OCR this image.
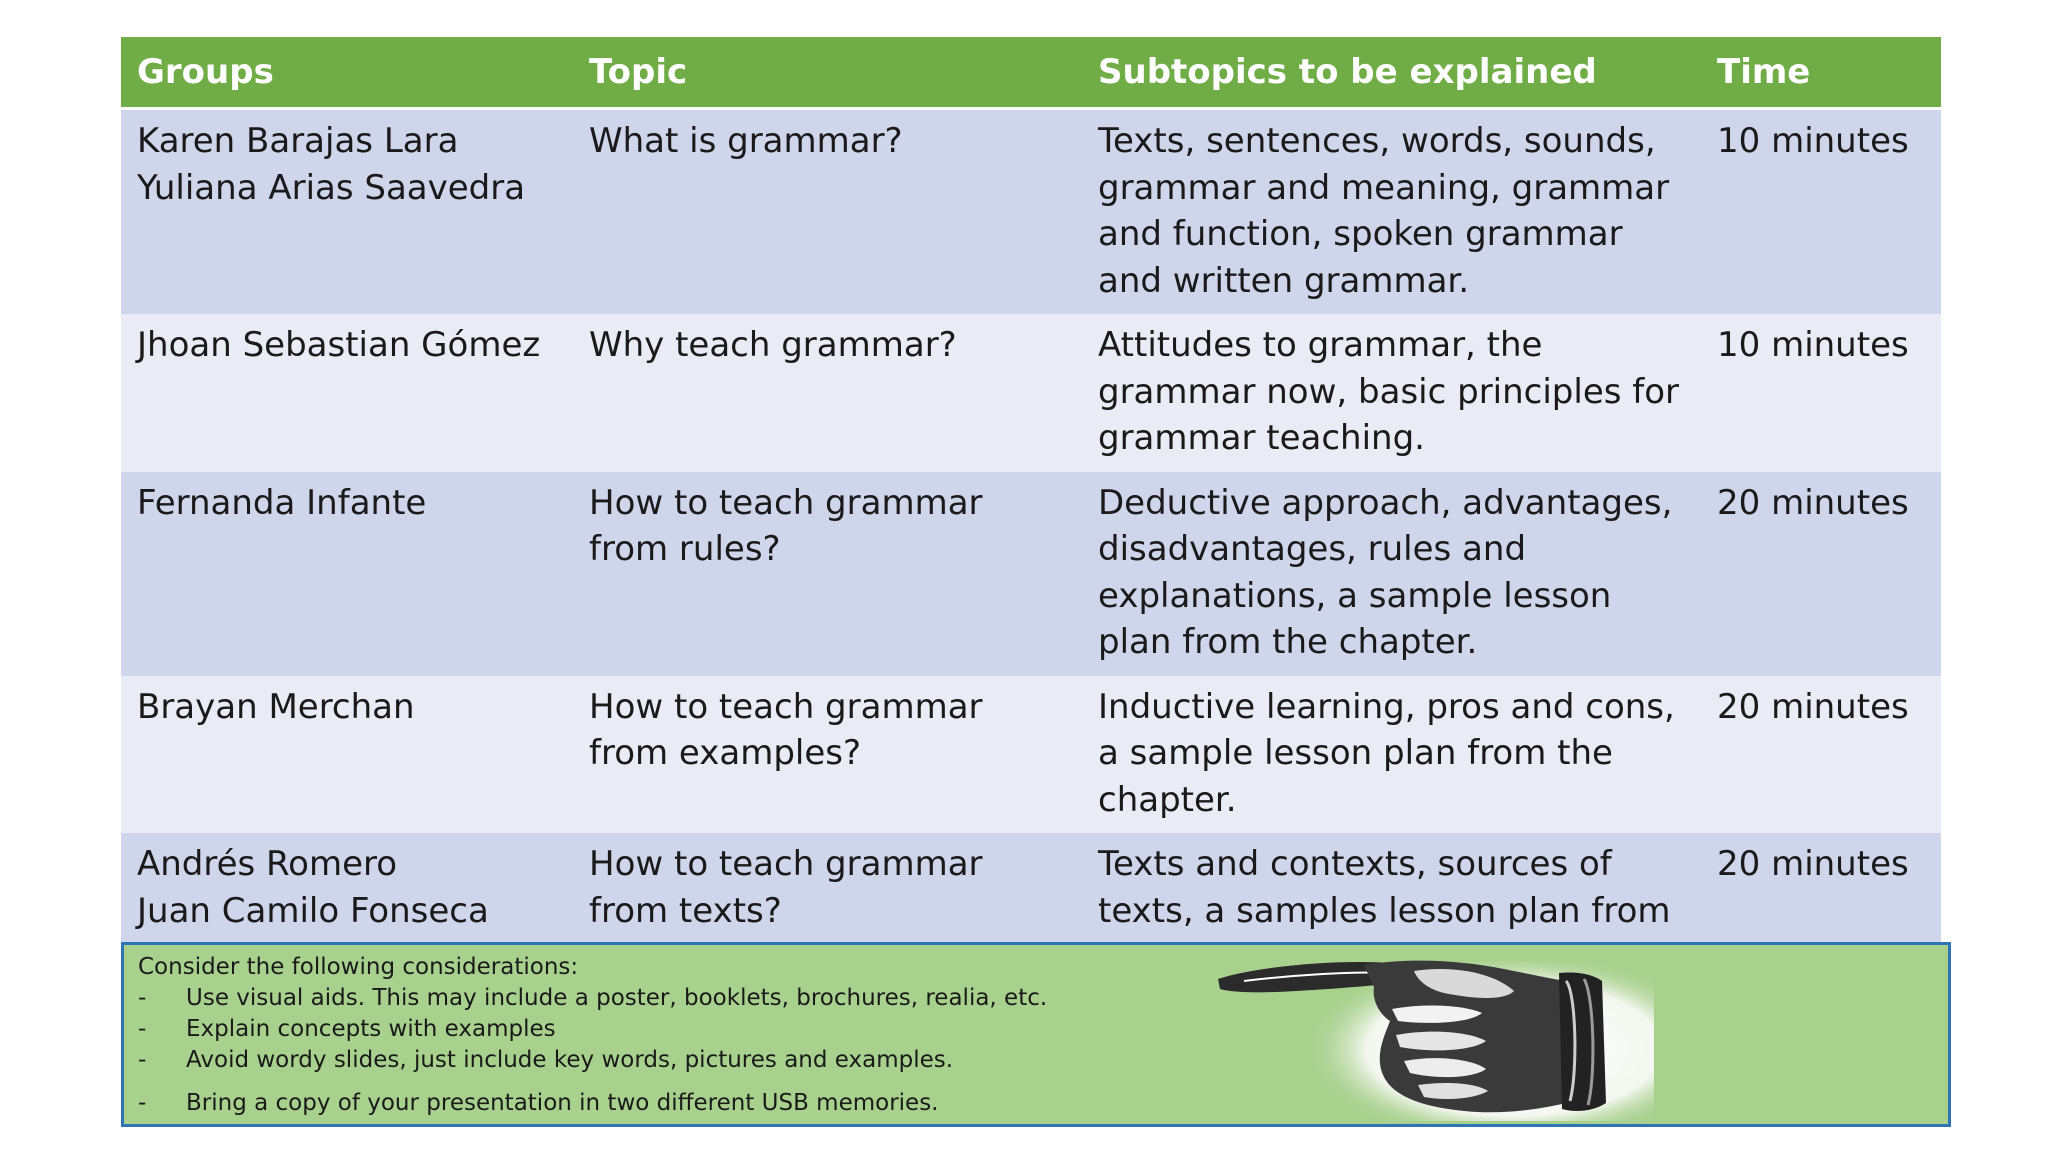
Groups	Topic	Subtopics to be explained	Time

Karen Barajas Lara
Yuliana Arias Saavedra	What is grammar?	Texts, sentences, words, sounds, grammar and meaning, grammar and function, spoken grammar and written grammar.	10 minutes

Jhoan Sebastian Gómez	Why teach grammar?	Attitudes to grammar, the grammar now, basic principles for grammar teaching.	10 minutes

Fernanda Infante	How to teach grammar from rules?	Deductive approach, advantages, disadvantages, rules and explanations, a sample lesson plan from the chapter.	20 minutes

Brayan Merchan	How to teach grammar from examples?	Inductive learning, pros and cons, a sample lesson plan from the chapter.	20 minutes

Andrés Romero
Juan Camilo Fonseca	How to teach grammar from texts?	Texts and contexts, sources of texts, a samples lesson plan from	20 minutes
Consider the following considerations:
- Use visual aids. This may include a poster, booklets, brochures, realia, etc.
- Explain concepts with examples
- Avoid wordy slides, just include key words, pictures and examples.
- Bring a copy of your presentation in two different USB memories.
